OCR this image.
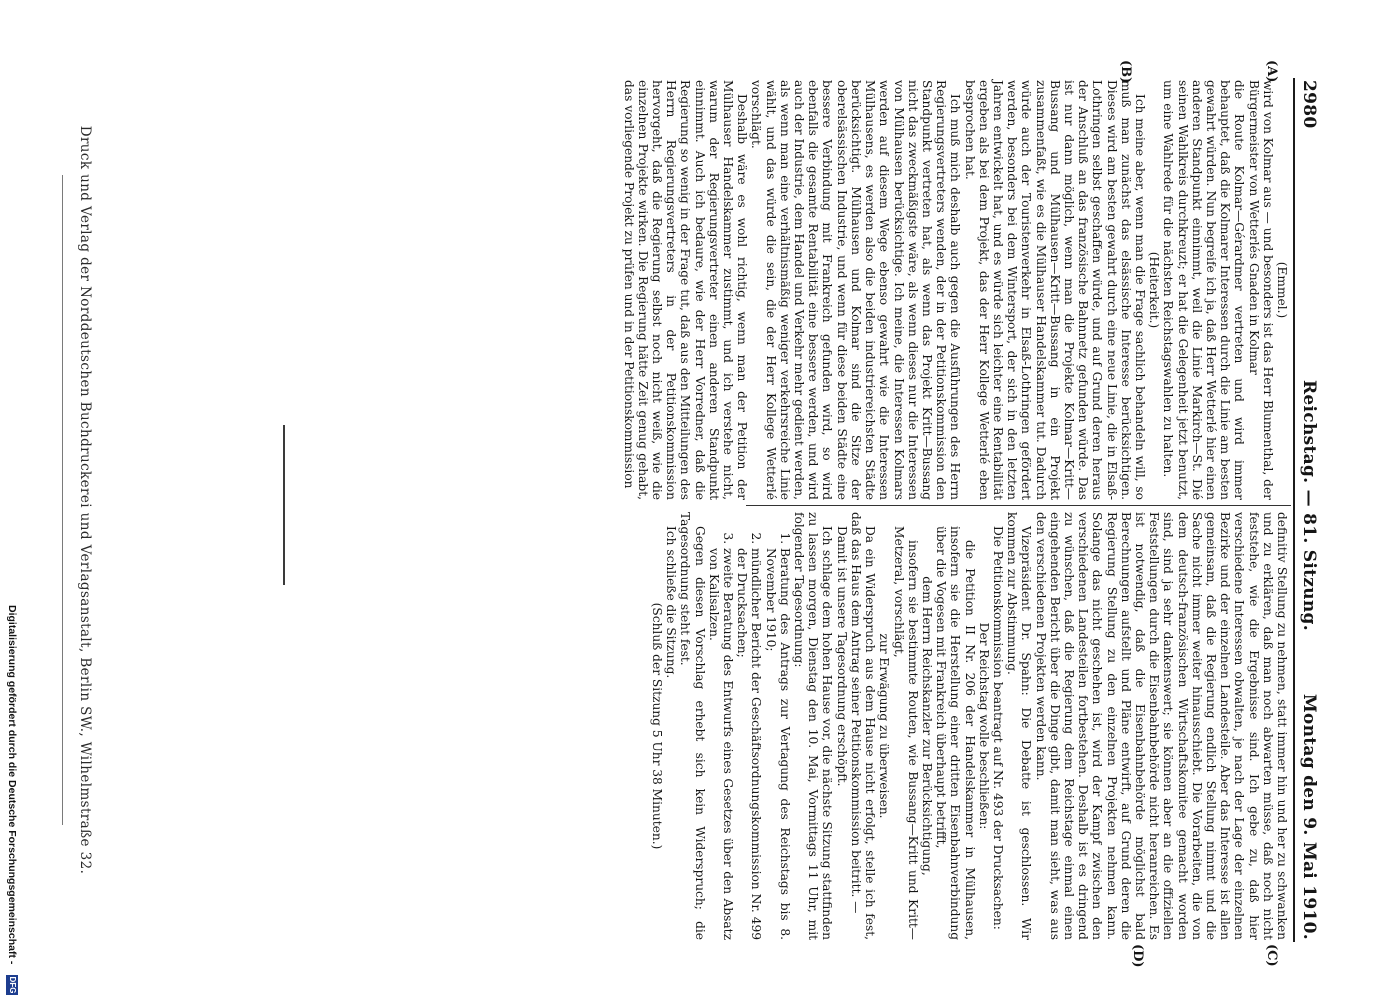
2980
Reichstag. — 81. Sitzung.
Montag den 9. Mai 1910.
(A)
(B)
(C)
(D)

(Emmel.)

wird von Kolmar aus — und besonders ist das Herr Blumenthal, der Bürgermeister von Wetterlés Gnaden in Kolmar

die Route Kolmar—Gérardmer vertreten und wird immer behauptet, daß die Kolmarer Interessen durch die Linie am besten gewahrt würden. Nun begreife ich ja, daß Herr Wetterlé hier einen anderen Standpunkt einnimmt, weil die Linie Markirch—St. Dié seinen Wahlkreis durchkreuzt; er hat die Gelegenheit jetzt benutzt, um eine Wahlrede für die nächsten Reichstagswahlen zu halten.

(Heiterkeit.)

Ich meine aber, wenn man die Frage sachlich behandeln will, so muß man zunächst das elsässische Interesse berücksichtigen. Dieses wird am besten gewahrt durch eine neue Linie, die in Elsaß-Lothringen selbst geschaffen würde, und auf Grund deren heraus der Anschluß an das französische Bahnnetz gefunden würde. Das ist nur dann möglich, wenn man die Projekte Kolmar—Kritt—Bussang und Mülhausen—Kritt—Bussang in ein Projekt zusammenfaßt, wie es die Mülhauser Handelskammer tut. Dadurch würde auch der Touristenverkehr in Elsaß-Lothringen gefördert werden, besonders bei dem Wintersport, der sich in den letzten Jahren entwickelt hat, und es würde sich leichter eine Rentabilität ergeben als bei dem Projekt, das der Herr Kollege Wetterlé eben besprochen hat.

Ich muß mich deshalb auch gegen die Ausführungen des Herrn Regierungsvertreters wenden, der in der Petitionskommission den Standpunkt vertreten hat, als wenn das Projekt Kritt—Bussang nicht das zweckmäßigste wäre, als wenn dieses nur die Interessen von Mülhausen berücksichtige. Ich meine, die Interessen Kolmars werden auf diesem Wege ebenso gewahrt wie die Interessen Mülhausens, es werden also die beiden industriereichsten Städte berücksichtigt. Mülhausen und Kolmar sind die Sitze der oberelsässischen Industrie, und wenn für diese beiden Städte eine bessere Verbindung mit Frankreich gefunden wird, so wird ebenfalls die gesamte Rentabilität eine bessere werden, und wird auch der Industrie, dem Handel und Verkehr mehr gedient werden, als wenn man eine verhältnismäßig weniger verkehrsreiche Linie wählt, und das würde die sein, die der Herr Kollege Wetterlé vorschlägt.

Deshalb wäre es wohl richtig, wenn man der Petition der Mülhauser Handelskammer zustimmt, und ich verstehe nicht, warum der Regierungsvertreter einen anderen Standpunkt einnimmt. Auch ich bedaure, wie der Herr Vorredner, daß die Regierung so wenig in der Frage tut, daß aus den Mitteilungen des Herrn Regierungsvertreters in der Petitionskommission hervorgeht, daß die Regierung selbst noch nicht weiß, wie die einzelnen Projekte wirken. Die Regierung hätte Zeit genug gehabt, das vorliegende Projekt zu prüfen und in der Petitionskommission

definitiv Stellung zu nehmen, statt immer hin und her zu schwanken und zu erklären, daß man noch abwarten müsse, daß noch nicht feststehe, wie die Ergebnisse sind. Ich gebe zu, daß hier verschiedene Interessen obwalten, je nach der Lage der einzelnen Bezirke und der einzelnen Landesteile. Aber das Interesse ist allen gemeinsam, daß die Regierung endlich Stellung nimmt und die Sache nicht immer weiter hinausschiebt. Die Vorarbeiten, die von dem deutsch-französischen Wirtschaftskomitee gemacht worden sind, sind ja sehr dankenswert; sie können aber an die offiziellen Feststellungen durch die Eisenbahnbehörde nicht heranreichen. Es ist notwendig, daß die Eisenbahnbehörde möglichst bald Berechnungen aufstellt und Pläne entwirft, auf Grund deren die Regierung Stellung zu den einzelnen Projekten nehmen kann. Solange das nicht geschehen ist, wird der Kampf zwischen den verschiedenen Landesteilen fortbestehen. Deshalb ist es dringend zu wünschen, daß die Regierung dem Reichstage einmal einen eingehenden Bericht über die Dinge gibt, damit man sieht, was aus den verschiedenen Projekten werden kann.

Vizepräsident Dr. Spahn: Die Debatte ist geschlossen. Wir kommen zur Abstimmung.

Die Petitionskommission beantragt auf Nr. 493 der Drucksachen:

Der Reichstag wolle beschließen:

die Petition II Nr. 206 der Handelskammer in Mülhausen, insofern sie die Herstellung einer dritten Eisenbahnverbindung über die Vogesen mit Frankreich überhaupt betrifft,

dem Herrn Reichskanzler zur Berücksichtigung,

insofern sie bestimmte Routen, wie Bussang—Kritt und Kritt—Metzeral, vorschlägt,

zur Erwägung zu überweisen.

Da ein Widerspruch aus dem Hause nicht erfolgt, stelle ich fest, daß das Haus dem Antrag seiner Petitionskommission beitritt. —

Damit ist unsere Tagesordnung erschöpft.

Ich schlage dem hohen Hause vor, die nächste Sitzung stattfinden zu lassen morgen, Dienstag den 10. Mai, Vormittags 11 Uhr, mit folgender Tagesordnung:

1. Beratung des Antrags zur Vertagung des Reichstags bis 8. November 1910;
2. mündlicher Bericht der Geschäftsordnungskommission Nr. 499 der Drucksachen;
3. zweite Beratung des Entwurfs eines Gesetzes über den Absatz von Kalisalzen.

Gegen diesen Vorschlag erhebt sich kein Widerspruch; die Tagesordnung steht fest.

Ich schließe die Sitzung.

(Schluß der Sitzung 5 Uhr 38 Minuten.)

Druck und Verlag der Norddeutschen Buchdruckerei und Verlagsanstalt, Berlin SW., Wilhelmstraße 32.
Digitalisierung gefördert durch die Deutsche Forschungsgemeinschaft -
DFG
